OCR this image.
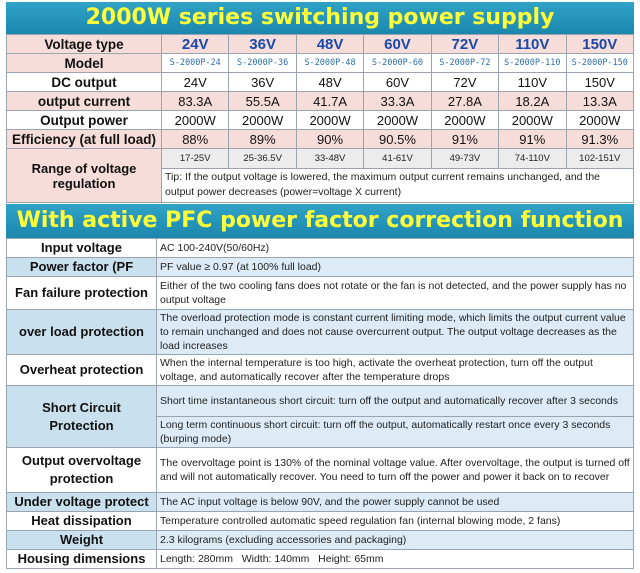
2000W series switching power supply
Voltage type	24V	36V	48V	60V	72V	110V	150V
Model	S-2000P-24	S-2000P-36	S-2000P-48	S-2000P-60	S-2000P-72	S-2000P-110	S-2000P-150
DC output	24V	36V	48V	60V	72V	110V	150V
output current	83.3A	55.5A	41.7A	33.3A	27.8A	18.2A	13.3A
Output power	2000W	2000W	2000W	2000W	2000W	2000W	2000W
Efficiency (at full load)	88%	89%	90%	90.5%	91%	91%	91.3%
Range of voltage regulation	17-25V	25-36.5V	33-48V	41-61V	49-73V	74-110V	102-151V
	Tip: If the output voltage is lowered, the maximum output current remains unchanged, and the output power decreases (power=voltage X current)						
With active PFC power factor correction function
Input voltage	AC 100-240V(50/60Hz)
Power factor (PF	PF value ≥ 0.97 (at 100% full load)
Fan failure protection	Either of the two cooling fans does not rotate or the fan is not detected, and the power supply has no output voltage
over load protection	The overload protection mode is constant current limiting mode, which limits the output current value to remain unchanged and does not cause overcurrent output. The output voltage decreases as the load increases
Overheat protection	When the internal temperature is too high, activate the overheat protection, turn off the output voltage, and automatically recover after the temperature drops
Short Circuit Protection	Short time instantaneous short circuit: turn off the output and automatically recover after 3 seconds
	Long term continuous short circuit: turn off the output, automatically restart once every 3 seconds (burping mode)
Output overvoltage protection	The overvoltage point is 130% of the nominal voltage value. After overvoltage, the output is turned off and will not automatically recover. You need to turn off the power and power it back on to recover
Under voltage protect	The AC input voltage is below 90V, and the power supply cannot be used
Heat dissipation	Temperature controlled automatic speed regulation fan (internal blowing mode, 2 fans)
Weight	2.3 kilograms (excluding accessories and packaging)
Housing dimensions	Length: 280mm   Width: 140mm   Height: 65mm
